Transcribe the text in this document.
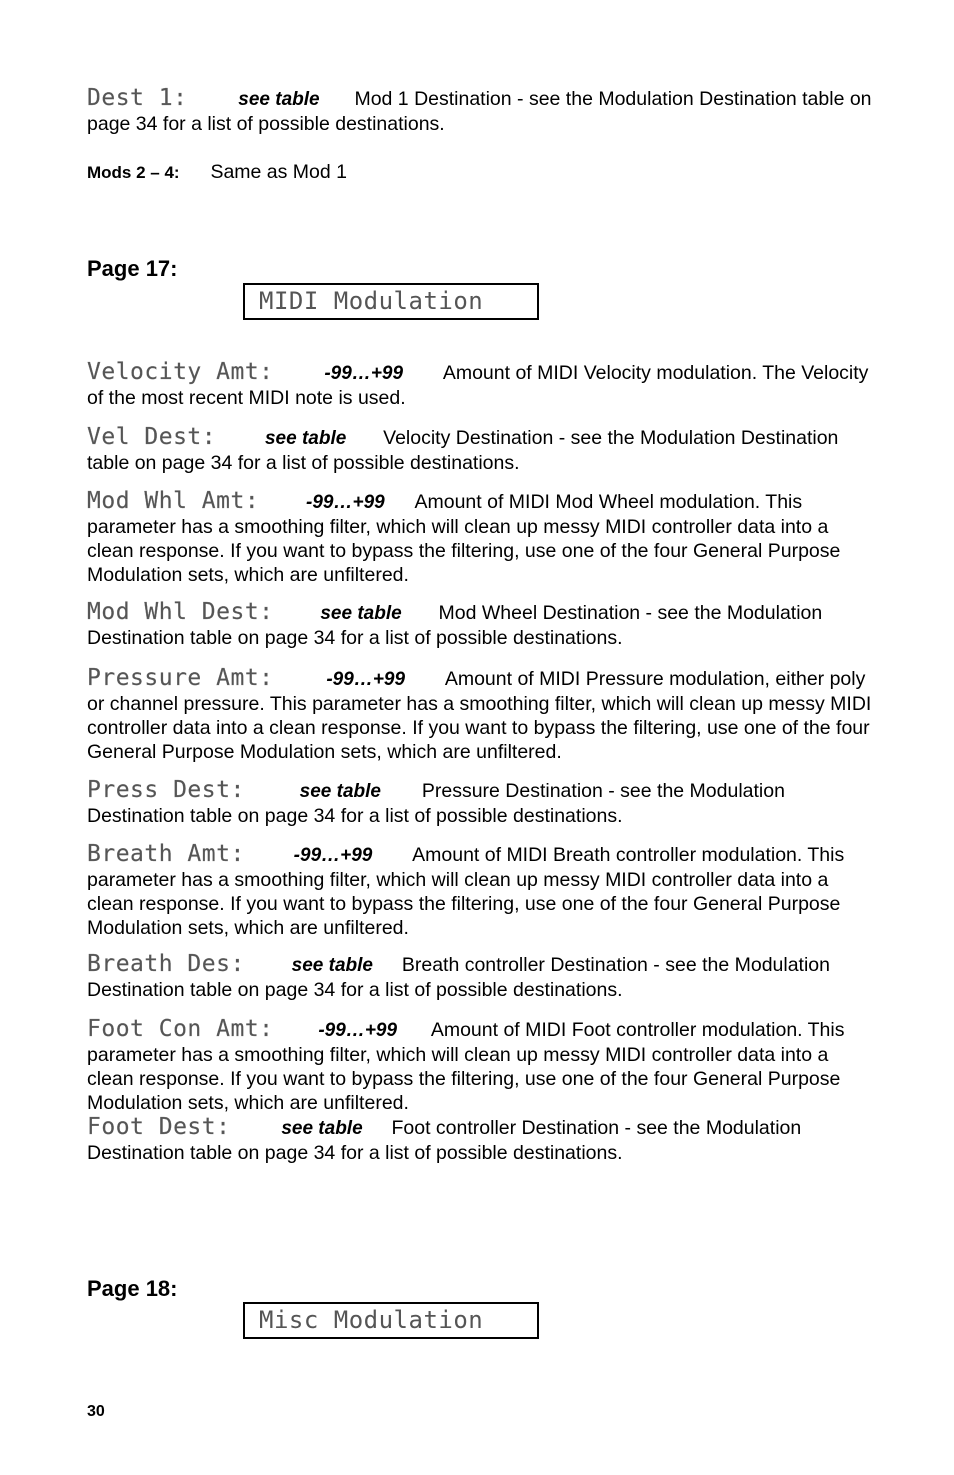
Dest 1:	see table Mod 1 Destination - see the Modulation Destination table on page 34 for a list of possible destinations.
Mods 2 – 4: Same as Mod 1
Page 17:
MIDI Modulation
Velocity Amt:	-99…+99 Amount of MIDI Velocity modulation. The Velocity of the most recent MIDI note is used.
Vel Dest:	see table Velocity Destination - see the Modulation Destination table on page 34 for a list of possible destinations.
Mod Whl Amt: -99…+99 Amount of MIDI Mod Wheel modulation. This parameter has a smoothing filter, which will clean up messy MIDI controller data into a clean response. If you want to bypass the filtering, use one of the four General Purpose Modulation sets, which are unfiltered.
Mod Whl Dest: see table Mod Wheel Destination - see the Modulation Destination table on page 34 for a list of possible destinations.
Pressure Amt:	-99…+99 Amount of MIDI Pressure modulation, either poly or channel pressure. This parameter has a smoothing filter, which will clean up messy MIDI controller data into a clean response. If you want to bypass the filtering, use one of the four General Purpose Modulation sets, which are unfiltered.
Press Dest:	see table Pressure Destination - see the Modulation Destination table on page 34 for a list of possible destinations.
Breath Amt:	-99…+99 Amount of MIDI Breath controller modulation. This parameter has a smoothing filter, which will clean up messy MIDI controller data into a clean response. If you want to bypass the filtering, use one of the four General Purpose Modulation sets, which are unfiltered.
Breath Des: see table Breath controller Destination - see the Modulation Destination table on page 34 for a list of possible destinations.
Foot Con Amt: -99…+99 Amount of MIDI Foot controller modulation. This parameter has a smoothing filter, which will clean up messy MIDI controller data into a clean response. If you want to bypass the filtering, use one of the four General Purpose Modulation sets, which are unfiltered.
Foot Dest:	see table Foot controller Destination - see the Modulation Destination table on page 34 for a list of possible destinations.
Page 18:
Misc Modulation
30
